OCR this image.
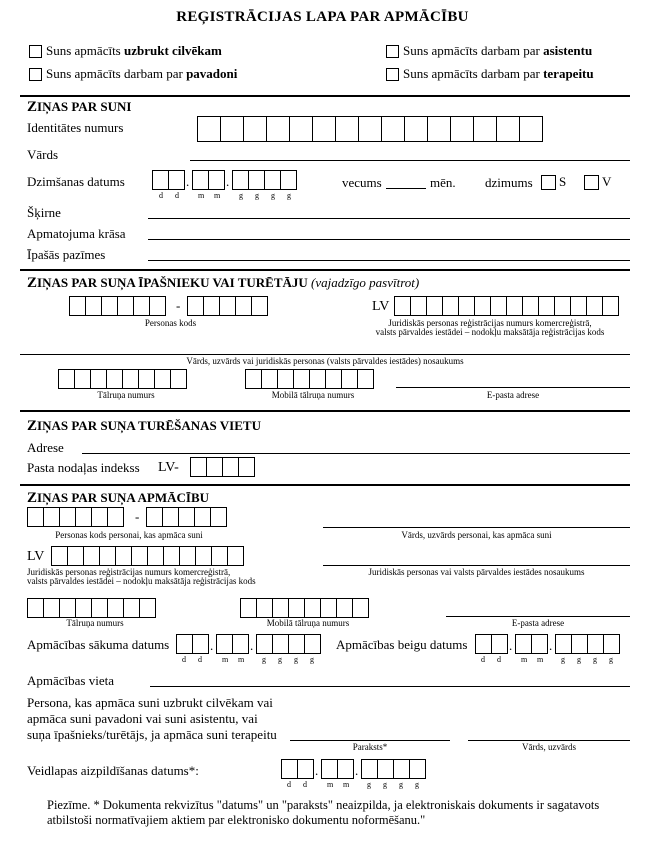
REĢISTRĀCIJAS LAPA PAR APMĀCĪBU
Suns apmācīts uzbrukt cilvēkam	Suns apmācīts darbam par asistentu
Suns apmācīts darbam par pavadoni	Suns apmācīts darbam par terapeitu
ZIŅAS PAR SUNI
Identitātes numurs
Vārds
Dzimšanas datums	.	.
d d m m g g g g
vecums	mēn. dzimums S	V
Šķirne
Apmatojuma krāsa
Īpašās pazīmes
ZIŅAS PAR SUŅA ĪPAŠNIEKU VAI TURĒTĀJU (vajadzīgo pasvītrot)
-
Personas kods
LV
Juridiskās personas reģistrācijas numurs komercreģistrā,
valsts pārvaldes iestādei – nodokļu maksātāja reģistrācijas kods
Vārds, uzvārds vai juridiskās personas (valsts pārvaldes iestādes) nosaukums
Tālruņa numurs	Mobilā tālruņa numurs	E-pasta adrese
ZIŅAS PAR SUŅA TURĒŠANAS VIETU
Adrese
Pasta nodaļas indekss LV-
ZIŅAS PAR SUŅA APMĀCĪBU
-
Personas kods personai, kas apmāca suni	Vārds, uzvārds personai, kas apmāca suni
LV
Juridiskās personas reģistrācijas numurs komercreģistrā,
valsts pārvaldes iestādei – nodokļu maksātāja reģistrācijas kods
Juridiskās personas vai valsts pārvaldes iestādes nosaukums
Tālruņa numurs	Mobilā tālruņa numurs	E-pasta adrese
Apmācības sākuma datums	.	.
d d	m m g g g g
Apmācības beigu datums	.	.
d d	m m g g g g
Apmācības vieta
Persona, kas apmāca suni uzbrukt cilvēkam vai
apmāca suni pavadoni vai suni asistentu, vai
suņa īpašnieks/turētājs, ja apmāca suni terapeitu
Paraksts*	Vārds, uzvārds
Veidlapas aizpildīšanas datums*:	.	.
d d	m m g g g g
Piezīme. * Dokumenta rekvizītus "datums" un "paraksts" neaizpilda, ja elektroniskais dokuments ir sagatavots atbilstoši normatīvajiem aktiem par elektronisko dokumentu noformēšanu."
